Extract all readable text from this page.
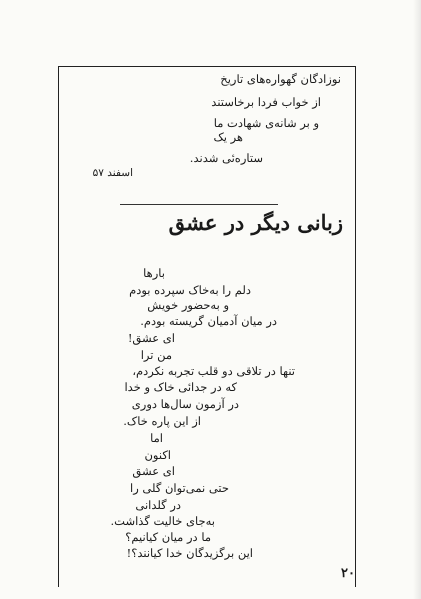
نوزادگان گهواره‌های تاریخ
از خواب فردا برخاستند
و بر شانه‌ی شهادت ما
هر یک
ستاره‌ئی شدند.
اسفند ۵۷
زبانی دیگر در عشق
بارها
دلم را به‌خاک سپرده بودم
و به‌حضور خویش
در میان آدمیان گریسته بودم.
ای عشق!
من ترا
تنها در تلاقی دو قلب تجربه نکردم،
که در جدائی خاک و خدا
در آزمون سال‌ها دوری
از این پاره خاک.
اما
اکنون
ای عشق
حتی نمی‌توان گلی را
در گلدانی
به‌جای خالیت گذاشت.
ما در میان کیانیم؟
این برگزیدگان خدا کیانند؟!
۲۰
